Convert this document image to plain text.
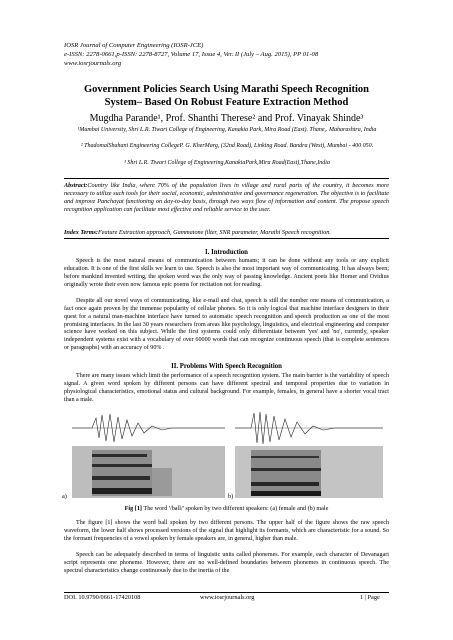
IOSR Journal of Computer Engineering (IOSR-JCE)
e-ISSN: 2278-0661,p-ISSN: 2278-8727, Volume 17, Issue 4, Ver. II (July – Aug. 2015), PP 01-08
www.iosrjournals.org
Government Policies Search Using Marathi Speech Recognition
System– Based On Robust Feature Extraction Method
Mugdha Parande¹, Prof. Shanthi Therese² and Prof. Vinayak Shinde³
¹Mumbai University, Shri L.R. Tiwari College of Engineering, Kanakia Park, Mira Road (East). Thane,. Maharashtra, India
² ThadomalShahani Engineering CollegeP. G. KherMarg, (32nd Road), Linking Road. Bandra (West), Mumbai - 400 050.
³ Shri L.R. Tiwari College of Engineering,KanakiaPark,Mira Road(East),Thane,India
Abstract:Country like India, where 70% of the population lives in village and rural parts of the country, it becomes more necessary to utilize such tools for their social, economic, administrative and governance regeneration. The objective is to facilitate and improve Panchayat functioning on day-to-day basis, through two ways flow of information and content. The propose speech recognition application can facilitate most effective and reliable service to the user.
Index Terms:Feature Extraction approach, Gammatone filter, SNR parameter, Marathi Speech recognition.
I. Introduction
Speech is the most natural means of communication between humans; it can be done without any tools or any explicit education. It is one of the first skills we learn to use. Speech is also the most important way of communicating. It has always been; before mankind invented writing, the spoken word was the only way of passing knowledge. Ancient poets like Homer and Ovidius originally wrote their even now famous epic poems for recitation not for reading.
Despite all our novel ways of communicating, like e-mail and chat, speech is still the number one means of communication, a fact once again proven by the immense popularity of cellular phones. So it is only logical that machine interface designers in their quest for a natural man-machine interface have turned to automatic speech recognition and speech production as one of the most promising interfaces. In the last 30 years researchers from areas like psychology, linguistics, and electrical engineering and computer science have worked on this subject. While the first systems could only differentiate between 'yes' and 'no', currently, speaker independent systems exist with a vocabulary of over 60000 words that can recognize continuous speech (that is complete sentences or paragraphs) with an accuracy of 90% .
II. Problems With Speech Recognition
There are many issues which limit the performance of a speech recognition system. The main barrier is the variability of speech signal. A given word spoken by different persons can have different spectral and temporal properties due to variation in physiological characteristics, emotional status and cultural background. For example, females, in general have a shorter vocal tract than a male.
a)	b)
Fig [1] The word '/ball/' spoken by two different speakers: (a) female and (b) male
The figure [1] shows the word ball spoken by two different persons. The upper half of the figure shows the raw speech waveform, the lower half shows processed versions of the signal that highlight its formants, which are characteristic for a sound. So the formant frequencies of a vowel spoken by female speakers are, in general, higher than male.
Speech can be adequately described in terms of linguistic units called phonemes. For example, each character of Devanagari script represents one phoneme. However, there are no well-defined boundaries between phonemes in continuous speech. The spectral characteristics change continuously due to the inertia of the
DOI. 10.9790/0661-17420108	www.iosrjournals.org	1 | Page
